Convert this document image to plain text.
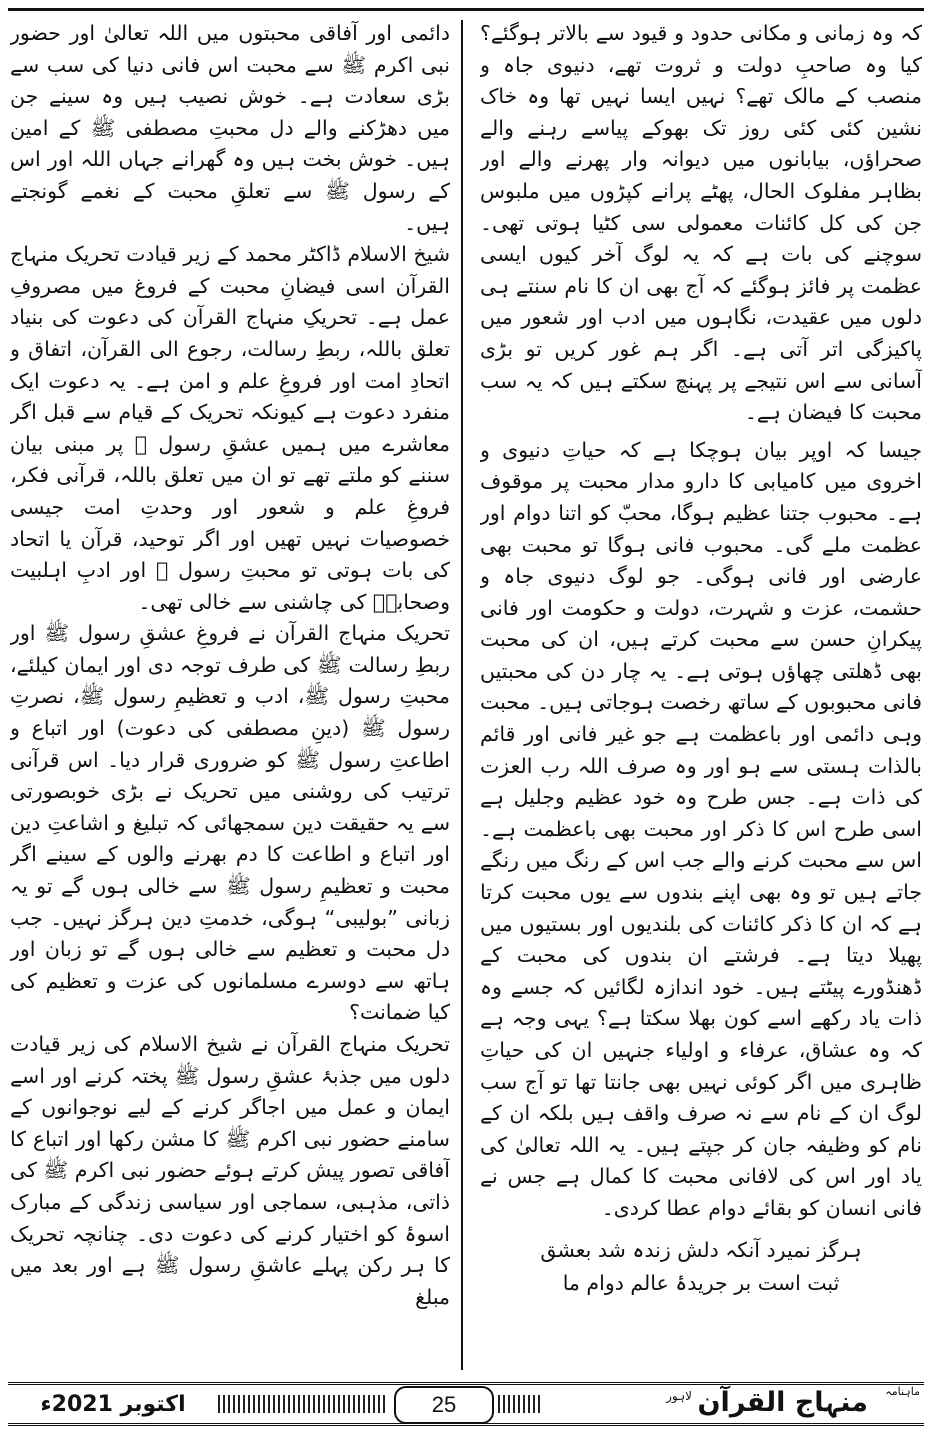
کہ وہ زمانی و مکانی حدود و قیود سے بالاتر ہوگئے؟ کیا وہ صاحبِ دولت و ثروت تھے، دنیوی جاہ و منصب کے مالک تھے؟ نہیں ایسا نہیں تھا وہ خاک نشین کئی کئی روز تک بھوکے پیاسے رہنے والے صحراؤں، بیابانوں میں دیوانہ وار پھرنے والے اور بظاہر مفلوک الحال، پھٹے پرانے کپڑوں میں ملبوس جن کی کل کائنات معمولی سی کٹیا ہوتی تھی۔ سوچنے کی بات ہے کہ یہ لوگ آخر کیوں ایسی عظمت پر فائز ہوگئے کہ آج بھی ان کا نام سنتے ہی دلوں میں عقیدت، نگاہوں میں ادب اور شعور میں پاکیزگی اتر آتی ہے۔ اگر ہم غور کریں تو بڑی آسانی سے اس نتیجے پر پہنچ سکتے ہیں کہ یہ سب محبت کا فیضان ہے۔

جیسا کہ اوپر بیان ہوچکا ہے کہ حیاتِ دنیوی و اخروی میں کامیابی کا دارو مدار محبت پر موقوف ہے۔ محبوب جتنا عظیم ہوگا، محبّ کو اتنا دوام اور عظمت ملے گی۔ محبوب فانی ہوگا تو محبت بھی عارضی اور فانی ہوگی۔ جو لوگ دنیوی جاہ و حشمت، عزت و شہرت، دولت و حکومت اور فانی پیکرانِ حسن سے محبت کرتے ہیں، ان کی محبت بھی ڈھلتی چھاؤں ہوتی ہے۔ یہ چار دن کی محبتیں فانی محبوبوں کے ساتھ رخصت ہوجاتی ہیں۔ محبت وہی دائمی اور باعظمت ہے جو غیر فانی اور قائم بالذات ہستی سے ہو اور وہ صرف اللہ رب العزت کی ذات ہے۔ جس طرح وہ خود عظیم وجلیل ہے اسی طرح اس کا ذکر اور محبت بھی باعظمت ہے۔ اس سے محبت کرنے والے جب اس کے رنگ میں رنگے جاتے ہیں تو وہ بھی اپنے بندوں سے یوں محبت کرتا ہے کہ ان کا ذکر کائنات کی بلندیوں اور بستیوں میں پھیلا دیتا ہے۔ فرشتے ان بندوں کی محبت کے ڈھنڈورے پیٹتے ہیں۔ خود اندازہ لگائیں کہ جسے وہ ذات یاد رکھے اسے کون بھلا سکتا ہے؟ یہی وجہ ہے کہ وہ عشاق، عرفاء و اولیاء جنہیں ان کی حیاتِ ظاہری میں اگر کوئی نہیں بھی جانتا تھا تو آج سب لوگ ان کے نام سے نہ صرف واقف ہیں بلکہ ان کے نام کو وظیفہ جان کر جپتے ہیں۔ یہ اللہ تعالیٰ کی یاد اور اس کی لافانی محبت کا کمال ہے جس نے فانی انسان کو بقائے دوام عطا کردی۔

ہرگز نمیرد آنکہ دلش زندہ شد بعشق
ثبت است بر جریدۂ عالم دوام ما

دائمی اور آفاقی محبتوں میں اللہ تعالیٰ اور حضور نبی اکرم ﷺ سے محبت اس فانی دنیا کی سب سے بڑی سعادت ہے۔ خوش نصیب ہیں وہ سینے جن میں دھڑکنے والے دل محبتِ مصطفی ﷺ کے امین ہیں۔ خوش بخت ہیں وہ گھرانے جہاں اللہ اور اس کے رسول ﷺ سے تعلقِ محبت کے نغمے گونجتے ہیں۔

شیخ الاسلام ڈاکٹر محمد کے زیر قیادت تحریک منہاج القرآن اسی فیضانِ محبت کے فروغ میں مصروفِ عمل ہے۔ تحریکِ منہاج القرآن کی دعوت کی بنیاد تعلق باللہ، ربطِ رسالت، رجوع الی القرآن، اتفاق و اتحادِ امت اور فروغِ علم و امن ہے۔ یہ دعوت ایک منفرد دعوت ہے کیونکہ تحریک کے قیام سے قبل اگر معاشرے میں ہمیں عشقِ رسول ﷺ پر مبنی بیان سننے کو ملتے تھے تو ان میں تعلق باللہ، قرآنی فکر، فروغِ علم و شعور اور وحدتِ امت جیسی خصوصیات نہیں تھیں اور اگر توحید، قرآن یا اتحاد کی بات ہوتی تو محبتِ رسول ﷺ اور ادبِ اہلبیت وصحابہؓ کی چاشنی سے خالی تھی۔

تحریک منہاج القرآن نے فروغِ عشقِ رسول ﷺ اور ربطِ رسالت ﷺ کی طرف توجہ دی اور ایمان کیلئے، محبتِ رسول ﷺ، ادب و تعظیمِ رسول ﷺ، نصرتِ رسول ﷺ (دینِ مصطفی کی دعوت) اور اتباع و اطاعتِ رسول ﷺ کو ضروری قرار دیا۔ اس قرآنی ترتیب کی روشنی میں تحریک نے بڑی خوبصورتی سے یہ حقیقت دین سمجھائی کہ تبلیغ و اشاعتِ دین اور اتباع و اطاعت کا دم بھرنے والوں کے سینے اگر محبت و تعظیمِ رسول ﷺ سے خالی ہوں گے تو یہ زبانی ”بولیبی“ ہوگی، خدمتِ دین ہرگز نہیں۔ جب دل محبت و تعظیم سے خالی ہوں گے تو زبان اور ہاتھ سے دوسرے مسلمانوں کی عزت و تعظیم کی کیا ضمانت؟

تحریک منہاج القرآن نے شیخ الاسلام کی زیر قیادت دلوں میں جذبۂ عشقِ رسول ﷺ پختہ کرنے اور اسے ایمان و عمل میں اجاگر کرنے کے لیے نوجوانوں کے سامنے حضور نبی اکرم ﷺ کا مشن رکھا اور اتباع کا آفاقی تصور پیش کرتے ہوئے حضور نبی اکرم ﷺ کی ذاتی، مذہبی، سماجی اور سیاسی زندگی کے مبارک اسوۂ کو اختیار کرنے کی دعوت دی۔ چنانچہ تحریک کا ہر رکن پہلے عاشقِ رسول ﷺ ہے اور بعد میں مبلغ

اکتوبر 2021ء	25
ماہنامہ
منہاج القرآن
لاہور
